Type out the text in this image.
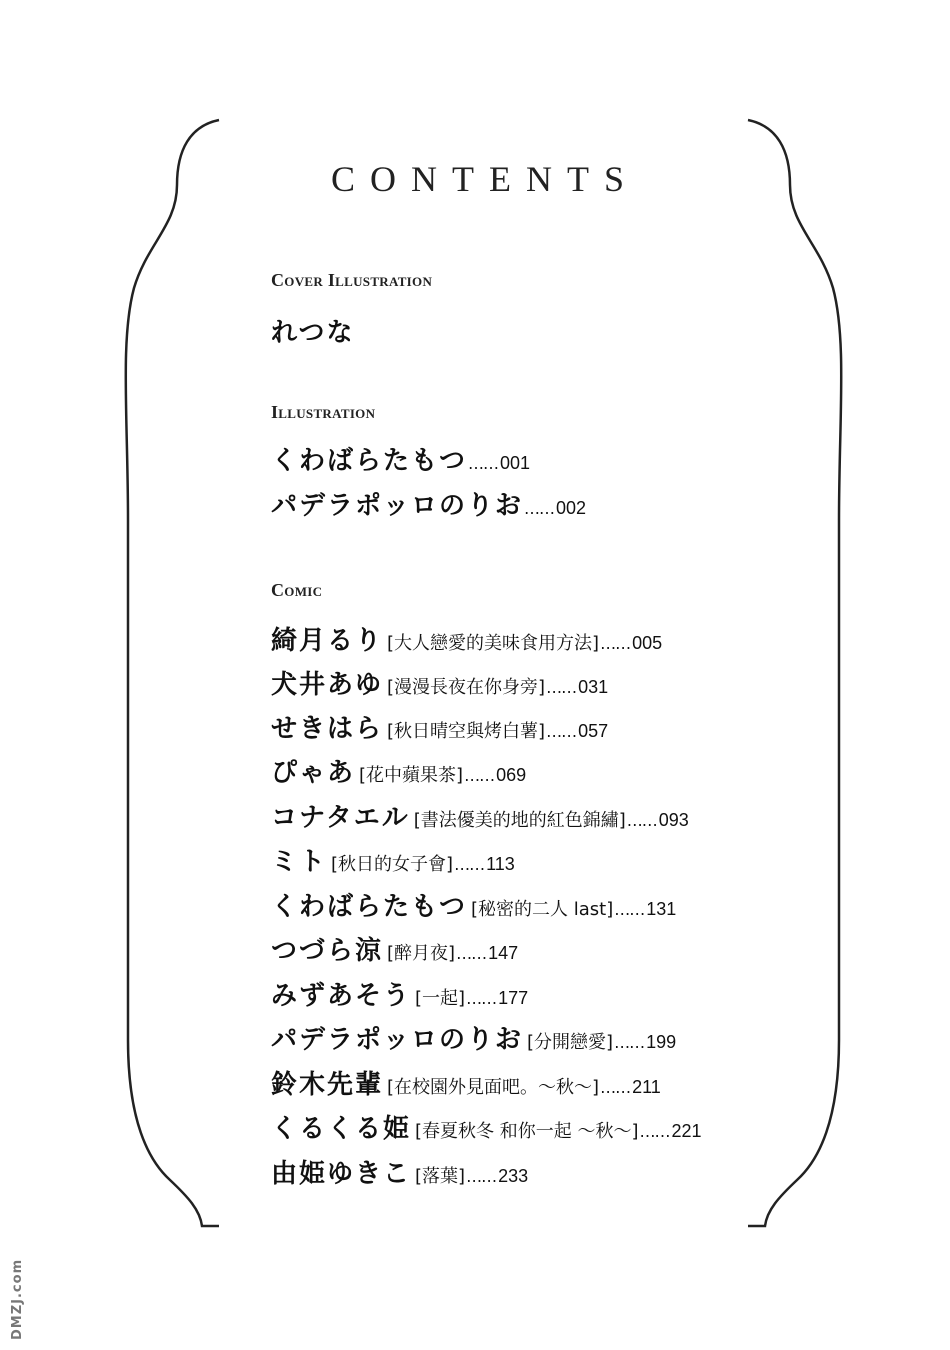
CONTENTS
Cover Illustration
れつな
Illustration
くわばらたもつ …… 001
パデラポッロのりお …… 002
Comic
綺月るり [大人戀愛的美味食用方法] …… 005
犬井あゆ [漫漫長夜在你身旁] …… 031
せきはら [秋日晴空與烤白薯] …… 057
ぴゃあ [花中蘋果茶] …… 069
コナタエル [書法優美的地的紅色錦繡] …… 093
ミト [秋日的女子會] …… 113
くわばらたもつ [秘密的二人 last] …… 131
つづら涼 [醉月夜] …… 147
みずあそう [一起] …… 177
パデラポッロのりお [分開戀愛] …… 199
鈴木先輩 [在校園外見面吧。～秋～] …… 211
くるくる姫 [春夏秋冬 和你一起 ～秋～] …… 221
由姫ゆきこ [落葉] …… 233
DMZJ.com
